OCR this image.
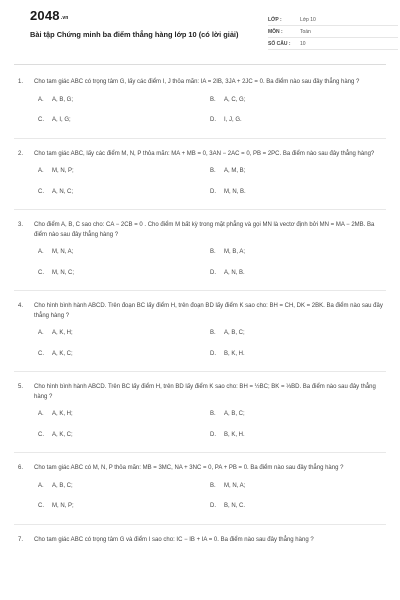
2048.vn
Bài tập Chứng minh ba điểm thẳng hàng lớp 10 (có lời giải)
LỚP :	Lớp 10
MÔN :	Toán
SỐ CÂU :	10
1.	Cho tam giác ABC có trọng tâm G, lấy các điểm I, J thỏa mãn: IA = 2IB, 3JA + 2JC = 0. Ba điểm nào sau đây thẳng hàng ?
A.	A, B, G;	B.	A, C, G;
C.	A, I, G;	D.	I, J, G.
2.	Cho tam giác ABC, lấy các điểm M, N, P thỏa mãn: MA + MB = 0, 3AN − 2AC = 0, PB = 2PC. Ba điểm nào sau đây thẳng hàng?
A.	M, N, P;	B.	A, M, B;
C.	A, N, C;	D.	M, N, B.
3.	Cho điểm A, B, C sao cho: CA − 2CB = 0 . Cho điểm M bất kỳ trong mặt phẳng và gọi MN là vectơ định bởi MN = MA − 2MB. Ba điểm nào sau đây thẳng hàng ?
A.	M, N, A;	B.	M, B, A;
C.	M, N, C;	D.	A, N, B.
4.	Cho hình bình hành ABCD. Trên đoạn BC lấy điểm H, trên đoạn BD lấy điểm K sao cho: BH = CH, DK = 2BK. Ba điểm nào sau đây thẳng hàng ?
A.	A, K, H;	B.	A, B, C;
C.	A, K, C;	D.	B, K, H.
5.	Cho hình bình hành ABCD. Trên BC lấy điểm H, trên BD lấy điểm K sao cho: BH = ½BC; BK = ⅓BD. Ba điểm nào sau đây thẳng hàng ?
A.	A, K, H;	B.	A, B, C;
C.	A, K, C;	D.	B, K, H.
6.	Cho tam giác ABC có M, N, P thỏa mãn: MB = 3MC, NA + 3NC = 0, PA + PB = 0. Ba điểm nào sau đây thẳng hàng ?
A.	A, B, C;	B.	M, N, A;
C.	M, N, P;	D.	B, N, C.
7.	Cho tam giác ABC có trọng tâm G và điểm I sao cho: IC − IB + IA = 0. Ba điểm nào sau đây thẳng hàng ?
